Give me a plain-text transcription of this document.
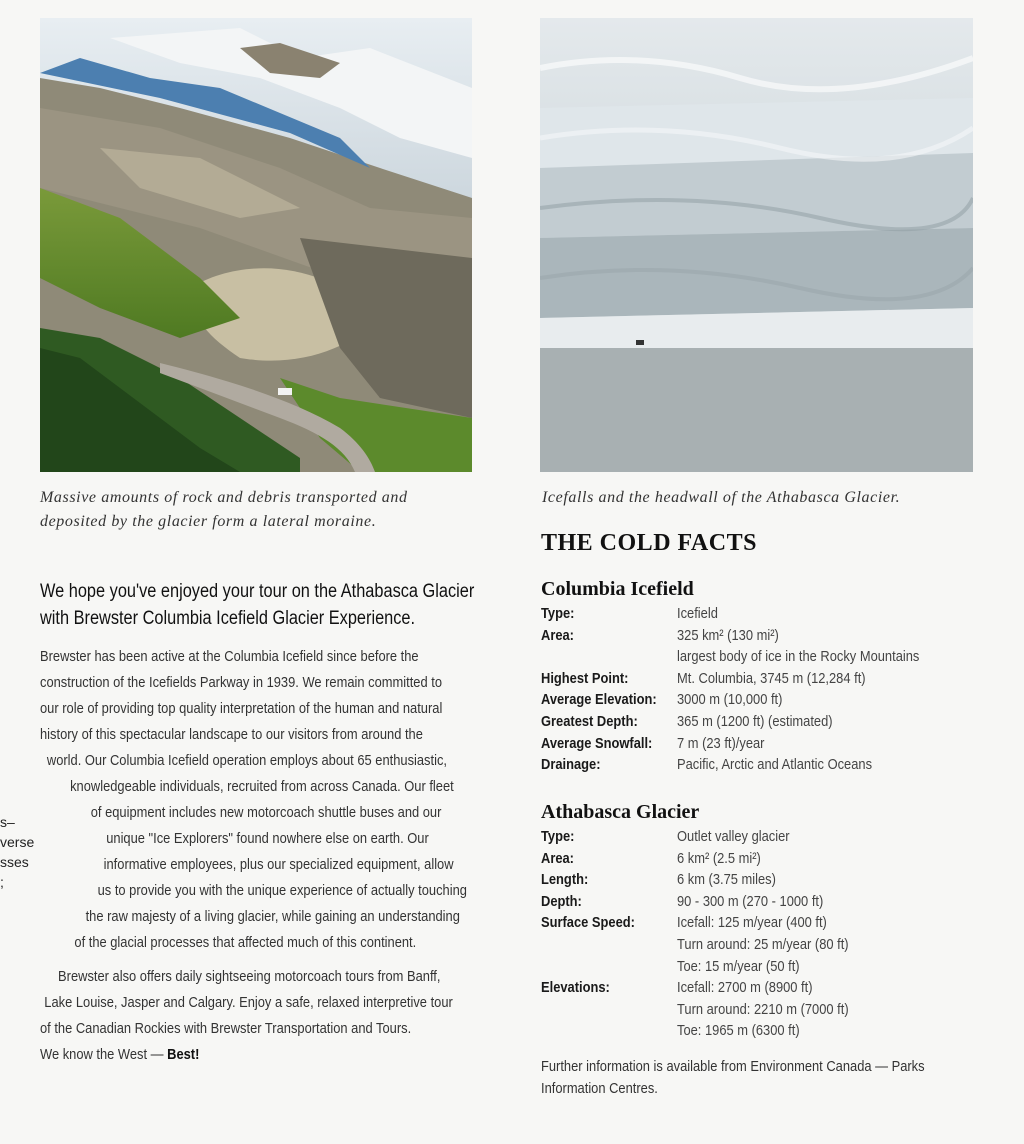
Massive amounts of rock and debris transported and
deposited by the glacier form a lateral moraine.
Icefalls and the headwall of the Athabasca Glacier.
We hope you've enjoyed your tour on the Athabasca Glacier
with Brewster Columbia Icefield Glacier Experience.
Brewster has been active at the Columbia Icefield since before the
construction of the Icefields Parkway in 1939. We remain committed to
our role of providing top quality interpretation of the human and natural
history of this spectacular landscape to our visitors from around the
world. Our Columbia Icefield operation employs about 65 enthusiastic,
knowledgeable individuals, recruited from across Canada. Our fleet
of equipment includes new motorcoach shuttle buses and our
unique "Ice Explorers" found nowhere else on earth. Our
informative employees, plus our specialized equipment, allow
us to provide you with the unique experience of actually touching
the raw majesty of a living glacier, while gaining an understanding
of the glacial processes that affected much of this continent.
Brewster also offers daily sightseeing motorcoach tours from Banff,
Lake Louise, Jasper and Calgary. Enjoy a safe, relaxed interpretive tour
of the Canadian Rockies with Brewster Transportation and Tours.
We know the West — Best!
s–
verse
sses
;
THE COLD FACTS
Columbia Icefield
Type:	Icefield
Area:	325 km² (130 mi²)
largest body of ice in the Rocky Mountains
Highest Point:	Mt. Columbia, 3745 m (12,284 ft)
Average Elevation: 3000 m (10,000 ft)
Greatest Depth:	365 m (1200 ft) (estimated)
Average Snowfall:	7 m (23 ft)/year
Drainage:	Pacific, Arctic and Atlantic Oceans
Athabasca Glacier
Type:	Outlet valley glacier
Area:	6 km² (2.5 mi²)
Length:	6 km (3.75 miles)
Depth:	90 - 300 m (270 - 1000 ft)
Surface Speed:	Icefall: 125 m/year (400 ft)
Turn around: 25 m/year (80 ft)
Toe: 15 m/year (50 ft)
Elevations:	Icefall: 2700 m (8900 ft)
Turn around: 2210 m (7000 ft)
Toe: 1965 m (6300 ft)
Further information is available from Environment Canada — Parks
Information Centres.
